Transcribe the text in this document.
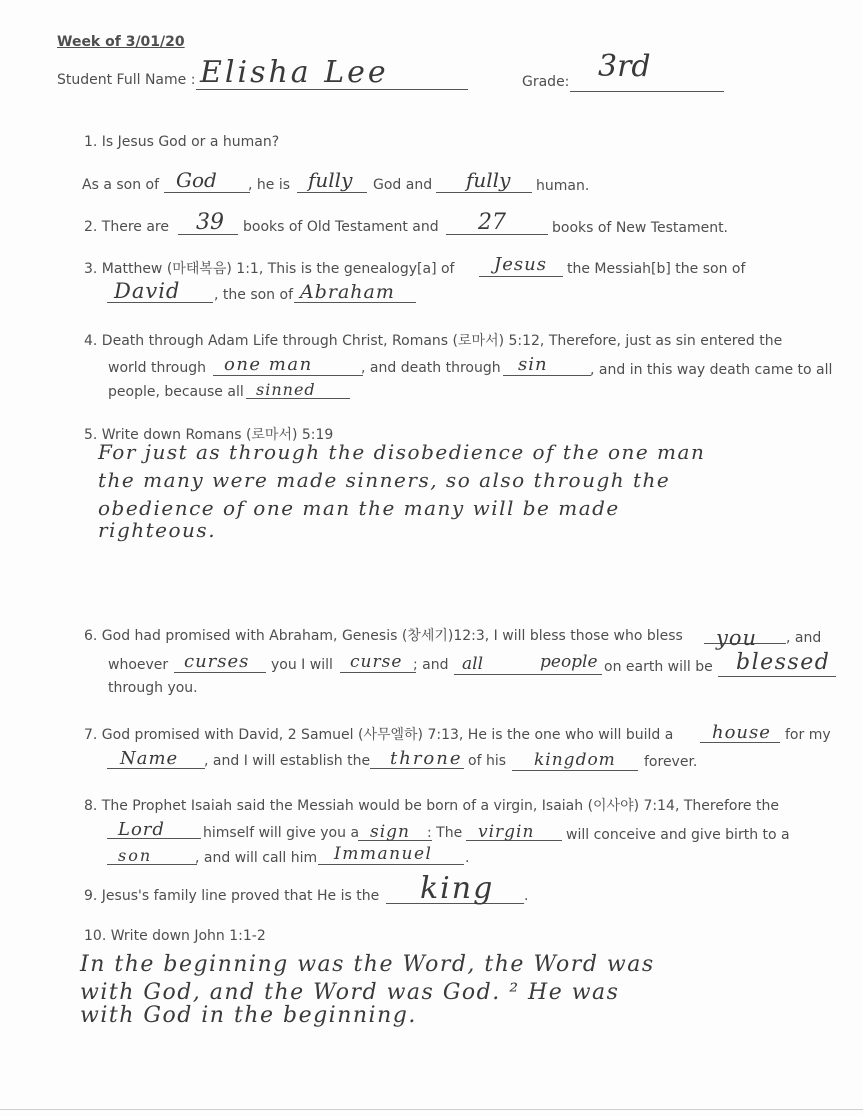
Week of 3/01/20
Student Full Name : Elisha Lee	Grade: 3rd
1. Is Jesus God or a human?
As a son of God , he is fully God and fully human.
2. There are 39 books of Old Testament and 27	books of New Testament.
3. Matthew (마태복음) 1:1, This is the genealogy[a] of Jesus the Messiah[b] the son of
David , the son of Abraham
4. Death through Adam Life through Christ, Romans (로마서) 5:12, Therefore, just as sin entered the
world through one man	, and death through sin	, and in this way death came to all
people, because all sinned
5. Write down Romans (로마서) 5:19
For just as through the disobedience of the one man
the many were made sinners, so also through the
obedience of one man the many will be made
righteous.
6. God had promised with Abraham, Genesis (창세기)12:3, I will bless those who bless you , and
whoever curses you I will curse ; and all	people on earth will be blessed
through you.
7. God promised with David, 2 Samuel (사무엘하) 7:13, He is the one who will build a house for my
Name , and I will establish the throne of his kingdom forever.
8. The Prophet Isaiah said the Messiah would be born of a virgin, Isaiah (이사야) 7:14, Therefore the
Lord	himself will give you a sign : The virgin will conceive and give birth to a
son	, and will call him Immanuel .
9. Jesus's family line proved that He is the king .
10. Write down John 1:1-2
In the beginning was the Word, the Word was
with God, and the Word was God. ² He was
with God in the beginning.
